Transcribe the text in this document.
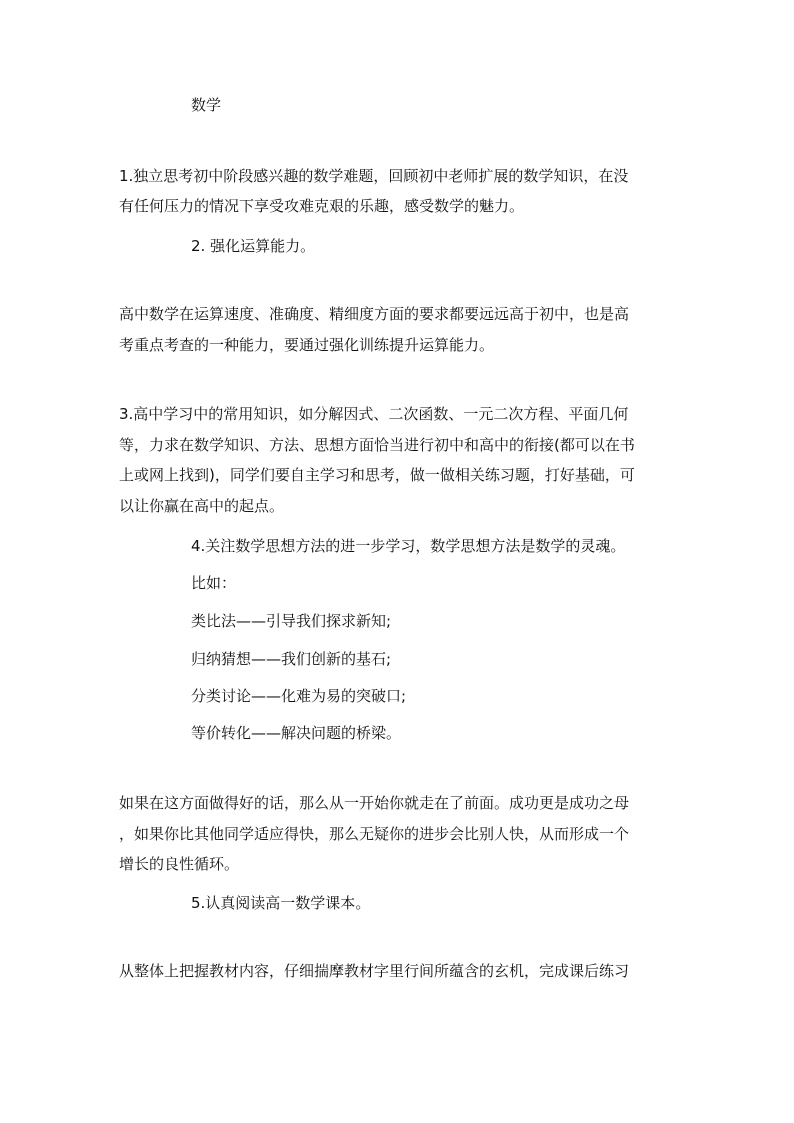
数学

1.独立思考初中阶段感兴趣的数学难题，回顾初中老师扩展的数学知识，在没

有任何压力的情况下享受攻难克艰的乐趣，感受数学的魅力。

2. 强化运算能力。

高中数学在运算速度、准确度、精细度方面的要求都要远远高于初中，也是高

考重点考查的一种能力，要通过强化训练提升运算能力。

3.高中学习中的常用知识，如分解因式、二次函数、一元二次方程、平面几何

等，力求在数学知识、方法、思想方面恰当进行初中和高中的衔接(都可以在书

上或网上找到)，同学们要自主学习和思考，做一做相关练习题，打好基础，可

以让你赢在高中的起点。

4.关注数学思想方法的进一步学习，数学思想方法是数学的灵魂。

比如：

类比法——引导我们探求新知;

归纳猜想——我们创新的基石;

分类讨论——化难为易的突破口;

等价转化——解决问题的桥梁。

如果在这方面做得好的话，那么从一开始你就走在了前面。成功更是成功之母

，如果你比其他同学适应得快，那么无疑你的进步会比别人快，从而形成一个

增长的良性循环。

5.认真阅读高一数学课本。

从整体上把握教材内容，仔细揣摩教材字里行间所蕴含的玄机，完成课后练习
